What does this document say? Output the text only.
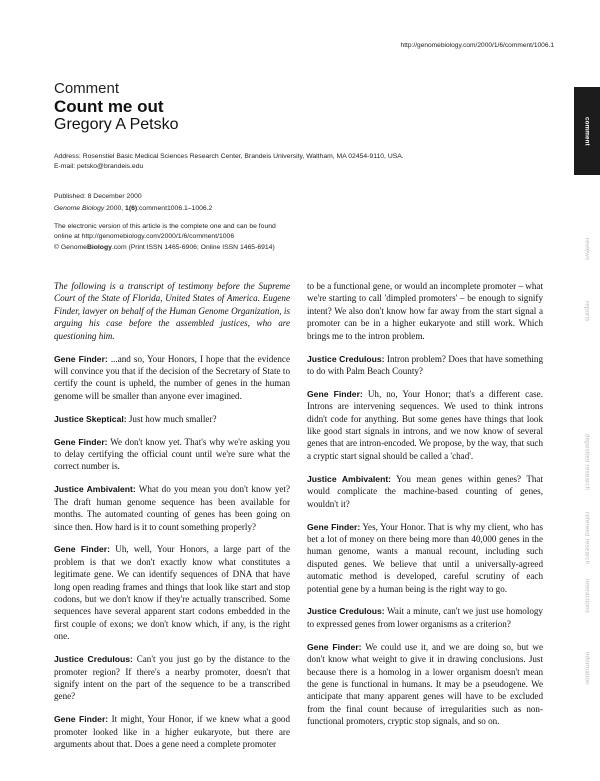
http://genomebiology.com/2000/1/6/comment/1006.1
Comment
Count me out
Gregory A Petsko
Address: Rosenstiel Basic Medical Sciences Research Center, Brandeis University, Waltham, MA 02454-9110, USA.
E-mail: petsko@brandeis.edu
Published: 8 December 2000
Genome Biology 2000, 1(6):comment1006.1–1006.2
The electronic version of this article is the complete one and can be found online at http://genomebiology.com/2000/1/6/comment/1006
© GenomeBiology.com (Print ISSN 1465-6906; Online ISSN 1465-6914)

The following is a transcript of testimony before the Supreme Court of the State of Florida, United States of America. Eugene Finder, lawyer on behalf of the Human Genome Organization, is arguing his case before the assembled justices, who are questioning him.

Gene Finder: ...and so, Your Honors, I hope that the evidence will convince you that if the decision of the Secretary of State to certify the count is upheld, the number of genes in the human genome will be smaller than anyone ever imagined.

Justice Skeptical: Just how much smaller?

Gene Finder: We don't know yet. That's why we're asking you to delay certifying the official count until we're sure what the correct number is.

Justice Ambivalent: What do you mean you don't know yet? The draft human genome sequence has been available for months. The automated counting of genes has been going on since then. How hard is it to count something properly?

Gene Finder: Uh, well, Your Honors, a large part of the problem is that we don't exactly know what constitutes a legitimate gene. We can identify sequences of DNA that have long open reading frames and things that look like start and stop codons, but we don't know if they're actually transcribed. Some sequences have several apparent start codons embedded in the first couple of exons; we don't know which, if any, is the right one.

Justice Credulous: Can't you just go by the distance to the promoter region? If there's a nearby promoter, doesn't that signify intent on the part of the sequence to be a transcribed gene?

Gene Finder: It might, Your Honor, if we knew what a good promoter looked like in a higher eukaryote, but there are arguments about that. Does a gene need a complete promoter

to be a functional gene, or would an incomplete promoter – what we're starting to call 'dimpled promoters' – be enough to signify intent? We also don't know how far away from the start signal a promoter can be in a higher eukaryote and still work. Which brings me to the intron problem.

Justice Credulous: Intron problem? Does that have something to do with Palm Beach County?

Gene Finder: Uh, no, Your Honor; that's a different case. Introns are intervening sequences. We used to think introns didn't code for anything. But some genes have things that look like good start signals in introns, and we now know of several genes that are intron-encoded. We propose, by the way, that such a cryptic start signal should be called a 'chad'.

Justice Ambivalent: You mean genes within genes? That would complicate the machine-based counting of genes, wouldn't it?

Gene Finder: Yes, Your Honor. That is why my client, who has bet a lot of money on there being more than 40,000 genes in the human genome, wants a manual recount, including such disputed genes. We believe that until a universally-agreed automatic method is developed, careful scrutiny of each potential gene by a human being is the right way to go.

Justice Credulous: Wait a minute, can't we just use homology to expressed genes from lower organisms as a criterion?

Gene Finder: We could use it, and we are doing so, but we don't know what weight to give it in drawing conclusions. Just because there is a homolog in a lower organism doesn't mean the gene is functional in humans. It may be a pseudogene. We anticipate that many apparent genes will have to be excluded from the final count because of irregularities such as non-functional promoters, cryptic stop signals, and so on.

comment
reviews
reports
deposited research
refereed research
interactions
information
